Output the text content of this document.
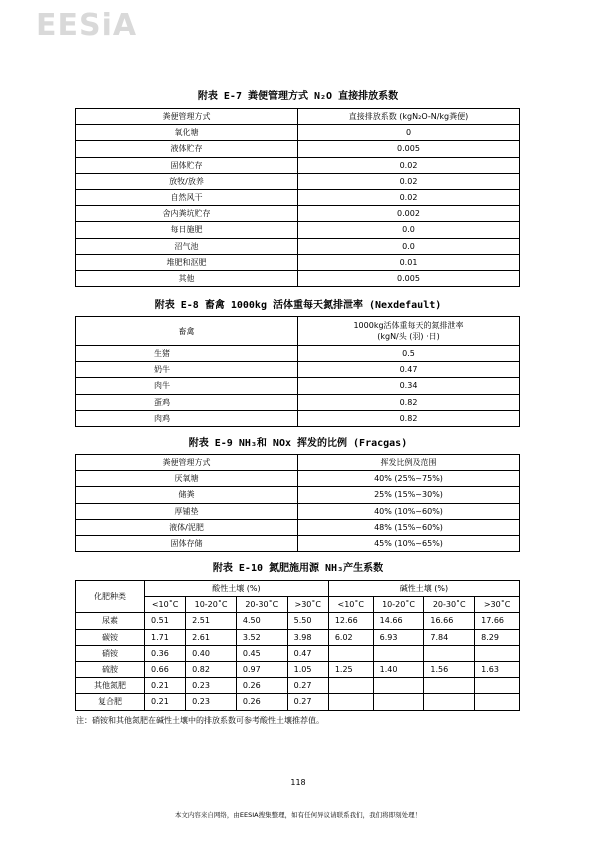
EESiA
附表 E-7 粪便管理方式 N₂O 直接排放系数
粪便管理方式	直接排放系数 (kgN₂O-N/kg粪便)
氧化塘	0
液体贮存	0.005
固体贮存	0.02
放牧/放养	0.02
自然风干	0.02
舍内粪坑贮存	0.002
每日施肥	0.0
沼气池	0.0
堆肥和沤肥	0.01
其他	0.005
附表 E-8 畜禽 1000kg 活体重每天氮排泄率 (Nexdefault)
畜禽	1000kg活体重每天的氮排泄率
(kgN/头 (羽) ·日)

生猪	0.5
奶牛	0.47
肉牛	0.34
蛋鸡	0.82
肉鸡	0.82
附表 E-9 NH₃和 NOx 挥发的比例 (Fracgas)
粪便管理方式	挥发比例及范围
厌氧塘	40% (25%~75%)
储粪	25% (15%~30%)
厚铺垫	40% (10%~60%)
液体/泥肥	48% (15%~60%)
固体存储	45% (10%~65%)
附表 E-10 氮肥施用源 NH₃产生系数
化肥种类	酸性土壤 (%)				碱性土壤 (%)			
	<10˚C	10-20˚C	20-30˚C	>30˚C	<10˚C	10-20˚C	20-30˚C	>30˚C
尿素	0.51	2.51	4.50	5.50	12.66	14.66	16.66	17.66
碳铵	1.71	2.61	3.52	3.98	6.02	6.93	7.84	8.29
硝铵	0.36	0.40	0.45	0.47				
硫胺	0.66	0.82	0.97	1.05	1.25	1.40	1.56	1.63
其他氮肥	0.21	0.23	0.26	0.27				
复合肥	0.21	0.23	0.26	0.27				
注：硝铵和其他氮肥在碱性土壤中的排放系数可参考酸性土壤推荐值。
118
本文内容来自网络，由EESIA搜集整理，如有任何异议请联系我们，我们将即刻处理！
